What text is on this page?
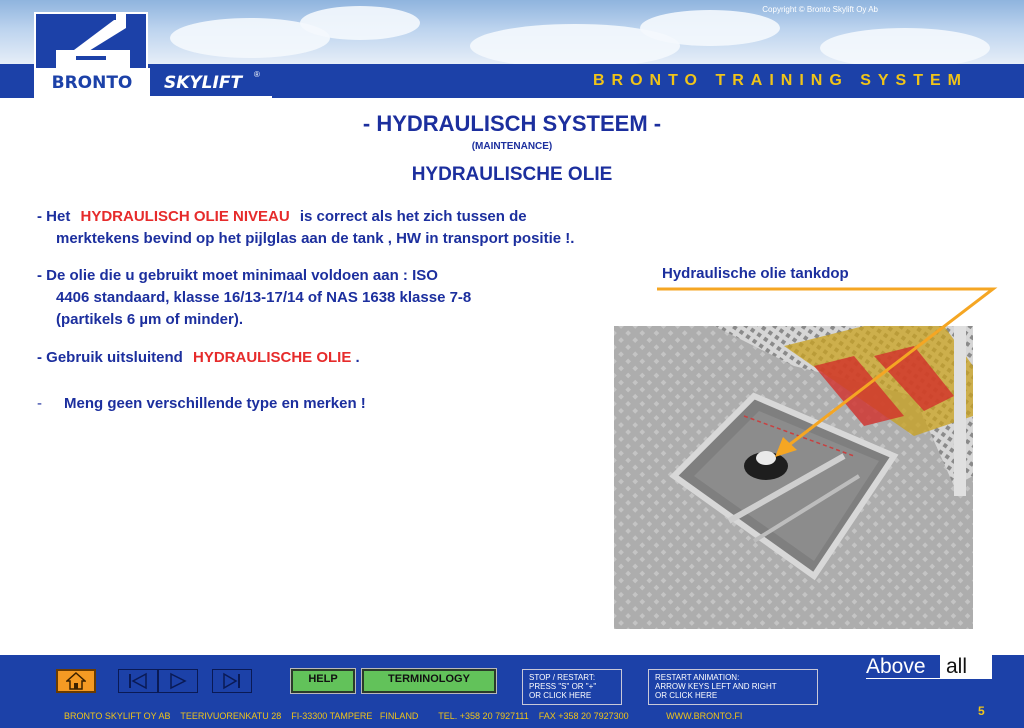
Copyright © Bronto Skylift Oy Ab
BRONTO TRAINING SYSTEM
BRONTO	SKYLIFT	®
- HYDRAULISCH SYSTEEM -
(MAINTENANCE)
HYDRAULISCHE OLIE
- Het HYDRAULISCH OLIE NIVEAU is correct als het zich tussen de
merktekens bevind op het pijlglas aan de tank , HW in transport positie !.
- De olie die u gebruikt moet minimaal voldoen aan : ISO
4406 standaard, klasse 16/13-17/14 of NAS 1638 klasse 7-8
(partikels 6 µm of minder).
- Gebruik uitsluitend HYDRAULISCHE OLIE .
- Meng geen verschillende type en merken !
Hydraulische olie tankdop
HELP	TERMINOLOGY	STOP / RESTART:
PRESS "S" OR "+"
OR CLICK HERE
RESTART ANIMATION:
ARROW KEYS LEFT AND RIGHT
OR CLICK HERE
Above all
5
BRONTO SKYLIFT OY AB    TEERIVUORENKATU 28    FI-33300 TAMPERE   FINLAND        TEL. +358 20 7927111    FAX +358 20 7927300               WWW.BRONTO.FI
